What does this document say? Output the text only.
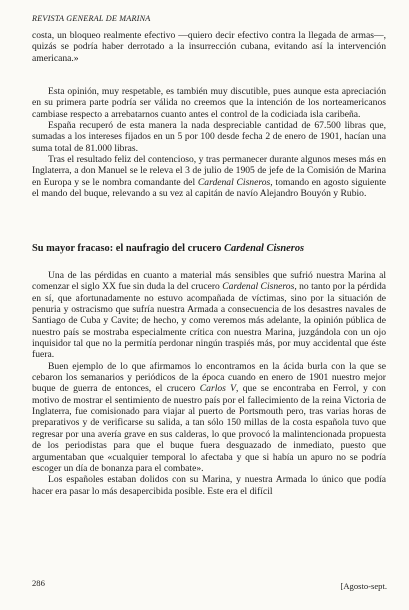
REVISTA GENERAL DE MARINA

costa, un bloqueo realmente efectivo —quiero decir efectivo contra la llegada de armas—, quizás se podría haber derrotado a la insurrección cubana, evitando así la intervención americana.»

Esta opinión, muy respetable, es también muy discutible, pues aunque esta apreciación en su primera parte podría ser válida no creemos que la intención de los norteamericanos cambiase respecto a arrebatarnos cuanto antes el control de la codiciada isla caribeña.

España recuperó de esta manera la nada despreciable cantidad de 67.500 libras que, sumadas a los intereses fijados en un 5 por 100 desde fecha 2 de enero de 1901, hacían una suma total de 81.000 libras.

Tras el resultado feliz del contencioso, y tras permanecer durante algunos meses más en Inglaterra, a don Manuel se le releva el 3 de julio de 1905 de jefe de la Comisión de Marina en Europa y se le nombra comandante del Cardenal Cisneros, tomando en agosto siguiente el mando del buque, relevando a su vez al capitán de navío Alejandro Bouyón y Rubio.

Su mayor fracaso: el naufragio del crucero Cardenal Cisneros

Una de las pérdidas en cuanto a material más sensibles que sufrió nuestra Marina al comenzar el siglo XX fue sin duda la del crucero Cardenal Cisneros, no tanto por la pérdida en sí, que afortunadamente no estuvo acompañada de víctimas, sino por la situación de penuria y ostracismo que sufría nuestra Armada a consecuencia de los desastres navales de Santiago de Cuba y Cavite; de hecho, y como veremos más adelante, la opinión pública de nuestro país se mostraba especialmente crítica con nuestra Marina, juzgándola con un ojo inquisidor tal que no la permitía perdonar ningún traspiés más, por muy accidental que éste fuera.

Buen ejemplo de lo que afirmamos lo encontramos en la ácida burla con la que se cebaron los semanarios y periódicos de la época cuando en enero de 1901 nuestro mejor buque de guerra de entonces, el crucero Carlos V, que se encontraba en Ferrol, y con motivo de mostrar el sentimiento de nuestro país por el fallecimiento de la reina Victoria de Inglaterra, fue comisionado para viajar al puerto de Portsmouth pero, tras varias horas de preparativos y de verificarse su salida, a tan sólo 150 millas de la costa española tuvo que regresar por una avería grave en sus calderas, lo que provocó la malintencionada propuesta de los periodistas para que el buque fuera desguazado de inmediato, puesto que argumentaban que «cualquier temporal lo afectaba y que si había un apuro no se podría escoger un día de bonanza para el combate».

Los españoles estaban dolidos con su Marina, y nuestra Armada lo único que podía hacer era pasar lo más desapercibida posible. Este era el difícil

286	[Agosto-sept.
